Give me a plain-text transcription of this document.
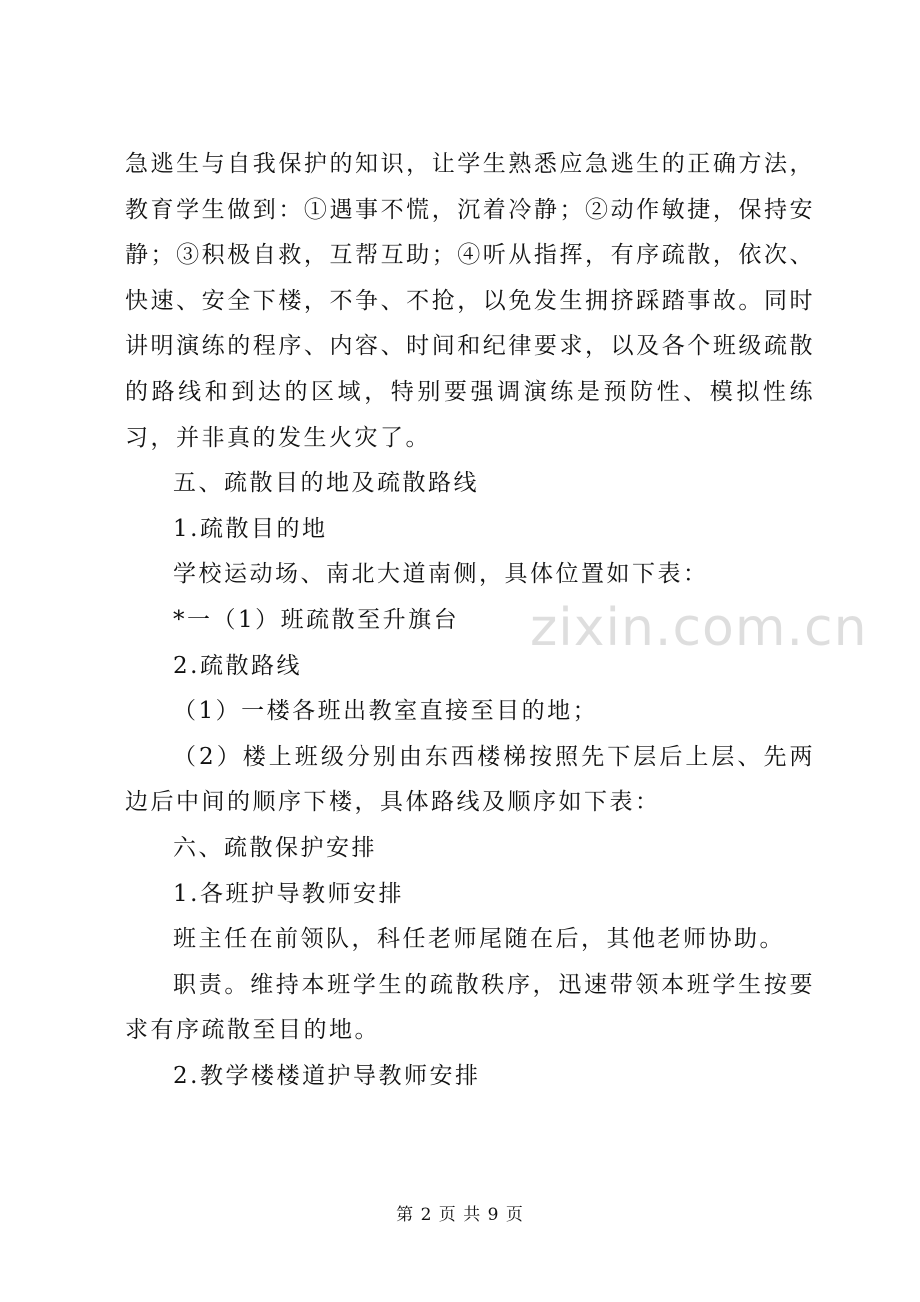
急逃生与自我保护的知识，让学生熟悉应急逃生的正确方法，教育学生做到：①遇事不慌，沉着冷静；②动作敏捷，保持安静；③积极自救，互帮互助；④听从指挥，有序疏散，依次、快速、安全下楼，不争、不抢，以免发生拥挤踩踏事故。同时讲明演练的程序、内容、时间和纪律要求，以及各个班级疏散的路线和到达的区域，特别要强调演练是预防性、模拟性练习，并非真的发生火灾了。

五、疏散目的地及疏散路线

1.疏散目的地

学校运动场、南北大道南侧，具体位置如下表：

*一（1）班疏散至升旗台

2.疏散路线

（1）一楼各班出教室直接至目的地；

（2）楼上班级分别由东西楼梯按照先下层后上层、先两边后中间的顺序下楼，具体路线及顺序如下表：

六、疏散保护安排

1.各班护导教师安排

班主任在前领队，科任老师尾随在后，其他老师协助。

职责。维持本班学生的疏散秩序，迅速带领本班学生按要求有序疏散至目的地。

2.教学楼楼道护导教师安排

zixin.com.cn
第 2 页 共 9 页
